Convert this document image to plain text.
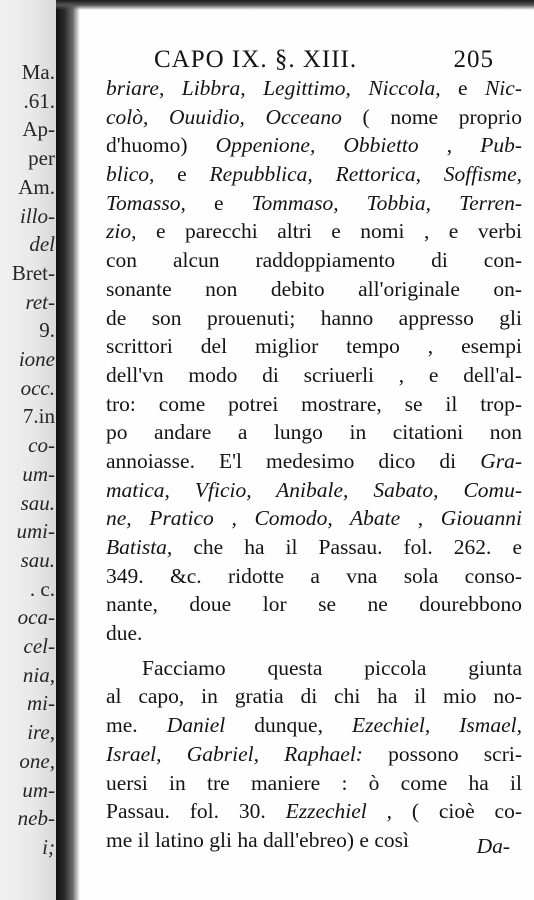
Ma.
.61.
Ap-
per
Am.
illo-
del
Bret-
ret-
9.
ione
occ.
7.in
co-
um-
sau.
umi-
sau.
. c.
oca-
cel-
nia,
mi-
ire,
one,
um-
neb-
i;
CAPO IX. §. XIII.	205
briare, Libbra, Legittimo, Niccola, e Nic-
colò, Ouuidio, Occeano ( nome proprio
d'huomo) Oppenione, Obbietto , Pub-
blico, e Repubblica, Rettorica, Soffisme,
Tomasso, e Tommaso, Tobbia, Terren-
zio, e parecchi altri e nomi , e verbi
con alcun raddoppiamento di con-
sonante non debito all'originale on-
de son prouenuti; hanno appresso gli
scrittori del miglior tempo , esempi
dell'vn modo di scriuerli , e dell'al-
tro: come potrei mostrare, se il trop-
po andare a lungo in citationi non
annoiasse. E'l medesimo dico di Gra-
matica, Vficio, Anibale, Sabato, Comu-
ne, Pratico , Comodo, Abate , Giouanni
Batista, che ha il Passau. fol. 262. e
349. &c. ridotte a vna sola conso-
nante, doue lor se ne dourebbono
due.
Facciamo questa piccola giunta
al capo, in gratia di chi ha il mio no-
me. Daniel dunque, Ezechiel, Ismael,
Israel, Gabriel, Raphael: possono scri-
uersi in tre maniere : ò come ha il
Passau. fol. 30. Ezzechiel , ( cioè co-
me il latino gli ha dall'ebreo) e così	Da-
